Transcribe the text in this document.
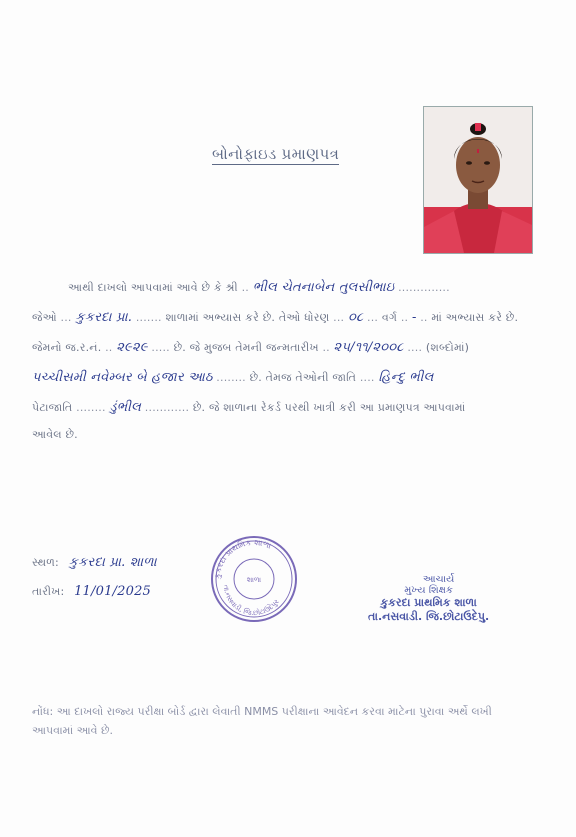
બોનોફાઇડ પ્રમાણપત્ર
આથી દાખલો આપવામાં આવે છે કે શ્રી .. ભીલ ચેતનાબેન તુલસીભાઇ ..............
જેઓ ... કુકરદા પ્રા. ....... શાળામાં અભ્યાસ કરે છે. તેઓ ધોરણ ... ૦૮ ... વર્ગ .. - .. માં અભ્યાસ કરે છે.
જેમનો જ.ર.નં. .. ૨૯૨૯ ..... છે. જે મુજબ તેમની જન્મતારીખ .. ૨૫/૧૧/૨૦૦૮ .... (શબ્દોમાં)
પચ્ચીસમી નવેમ્બર બે હજાર આઠ ........ છે. તેમજ તેઓની જાતિ .... હિન્દુ ભીલ
પેટાજાતિ ........ ડુંભીલ ............ છે. જે શાળાના રેકર્ડ પરથી ખાત્રી કરી આ પ્રમાણપત્ર આપવામાં
આવેલ છે.
સ્થળ: કુકરદા પ્રા. શાળા
તારીખ: 11/01/2025
કુકરદા પ્રાથમિક શાળા
તા.નસવાડી, જિ.છોટાઉદેપુર
શાળા	આચાર્ય
મુખ્ય શિક્ષક
કુકરદા પ્રાથમિક શાળા
તા.નસવાડી. જિ.છોટાઉદેપુ.
નોંધ: આ દાખલો રાજ્ય પરીક્ષા બોર્ડ દ્વારા લેવાતી NMMS પરીક્ષાના આવેદન કરવા માટેના પુરાવા અર્થે લખી આપવામાં આવે છે.
